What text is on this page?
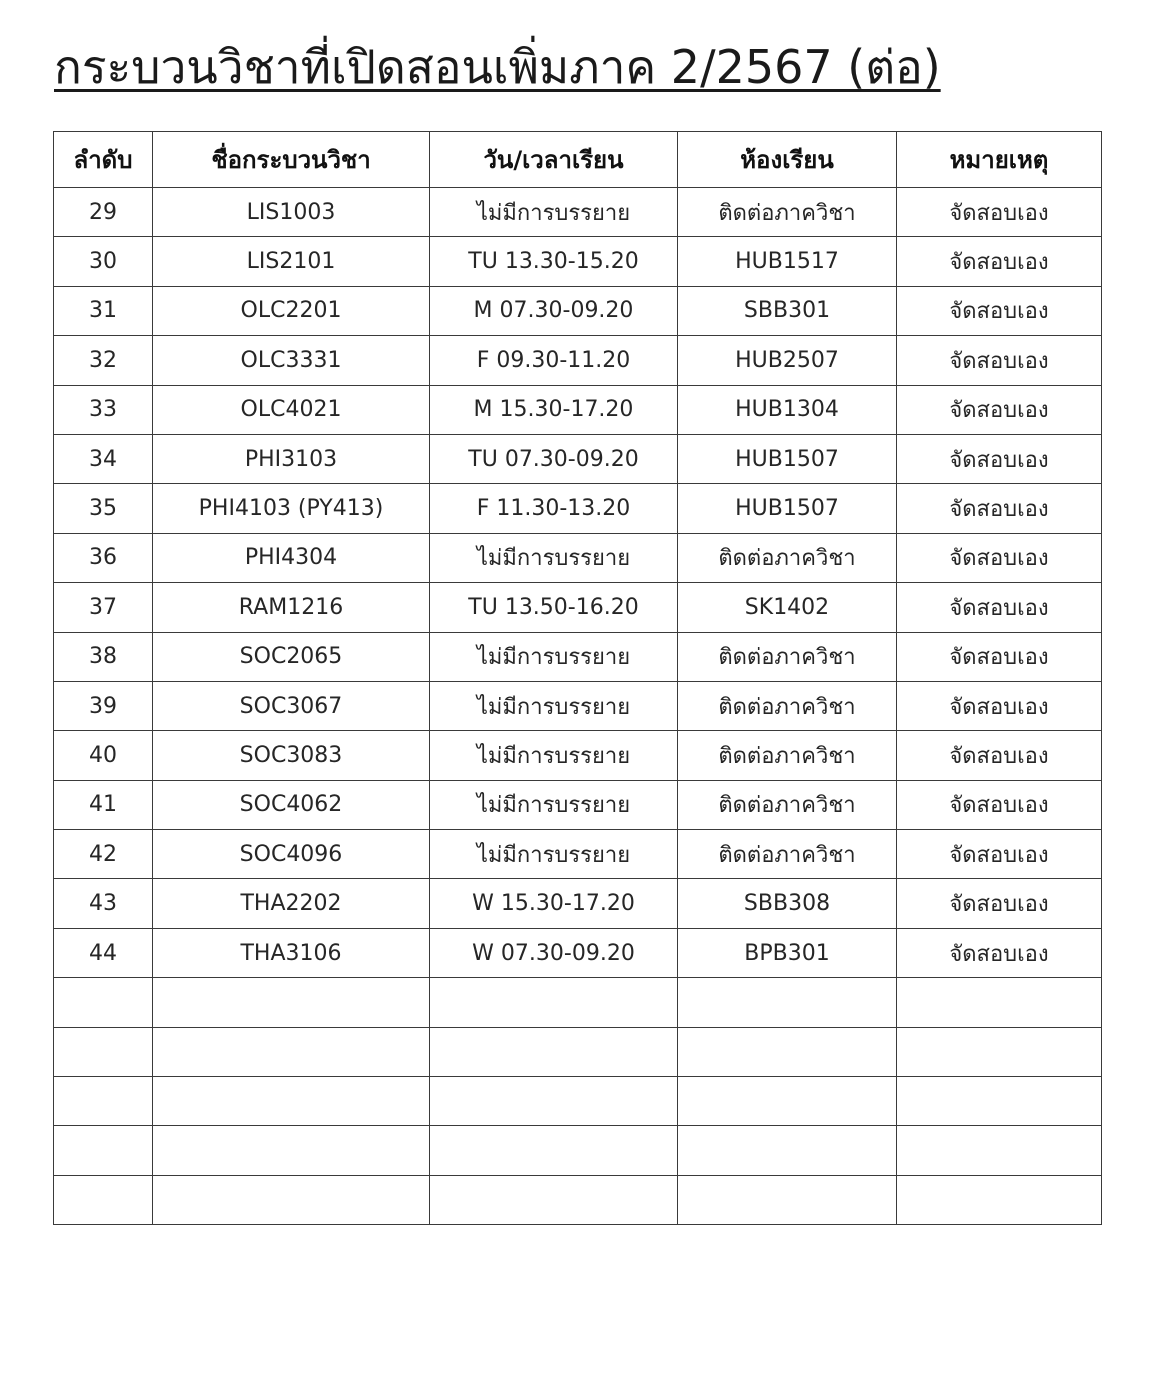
กระบวนวิชาที่เปิดสอนเพิ่มภาค 2/2567 (ต่อ)
ลำดับ	ชื่อกระบวนวิชา	วัน/เวลาเรียน	ห้องเรียน	หมายเหตุ
29	LIS1003	ไม่มีการบรรยาย	ติดต่อภาควิชา	จัดสอบเอง
30	LIS2101	TU 13.30-15.20	HUB1517	จัดสอบเอง
31	OLC2201	M 07.30-09.20	SBB301	จัดสอบเอง
32	OLC3331	F 09.30-11.20	HUB2507	จัดสอบเอง
33	OLC4021	M 15.30-17.20	HUB1304	จัดสอบเอง
34	PHI3103	TU 07.30-09.20	HUB1507	จัดสอบเอง
35	PHI4103 (PY413)	F 11.30-13.20	HUB1507	จัดสอบเอง
36	PHI4304	ไม่มีการบรรยาย	ติดต่อภาควิชา	จัดสอบเอง
37	RAM1216	TU 13.50-16.20	SK1402	จัดสอบเอง
38	SOC2065	ไม่มีการบรรยาย	ติดต่อภาควิชา	จัดสอบเอง
39	SOC3067	ไม่มีการบรรยาย	ติดต่อภาควิชา	จัดสอบเอง
40	SOC3083	ไม่มีการบรรยาย	ติดต่อภาควิชา	จัดสอบเอง
41	SOC4062	ไม่มีการบรรยาย	ติดต่อภาควิชา	จัดสอบเอง
42	SOC4096	ไม่มีการบรรยาย	ติดต่อภาควิชา	จัดสอบเอง
43	THA2202	W 15.30-17.20	SBB308	จัดสอบเอง
44	THA3106	W 07.30-09.20	BPB301	จัดสอบเอง
